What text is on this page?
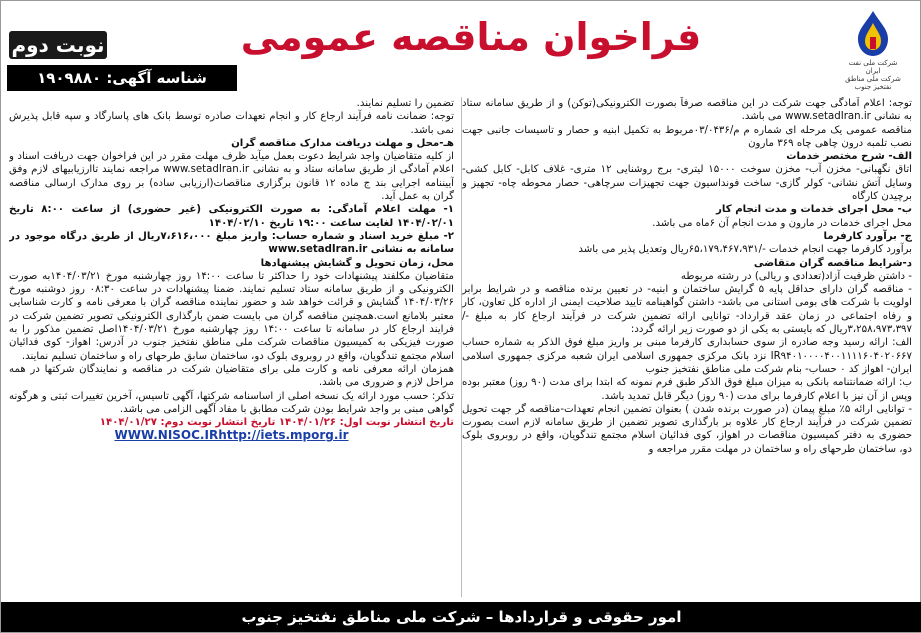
شرکت ملی نفت ایران
شرکت ملی مناطق نفتخیز جنوب
فراخوان مناقصه عمومی
نوبت دوم
شناسه آگهی: ۱۹۰۹۸۸۰

توجه: اعلام آمادگی جهت شرکت در این مناقصه صرفاً بصورت الکترونیکی(توکن) و از طریق سامانه ستاد به نشانی www.setadIran.ir می باشد.

مناقصه عمومی یک مرحله ای شماره م م/۰۳/۰۴۳۶مربوط به تکمیل ابنیه و حصار و تاسیسات جانبی جهت نصب تلمبه درون چاهی چاه ۳۶۹ مارون

الف- شرح مختصر خدمات

اتاق نگهبانی- مخزن آب- مخزن سوخت ۱۵۰۰۰ لیتری- برج روشنایی ۱۲ متری- غلاف کابل- کابل کشی- وسایل آتش نشانی- کولر گازی- ساخت فونداسیون جهت تجهیزات سرچاهی- حصار محوطه چاه- تجهیز و برچیدن کارگاه

ب- محل اجرای خدمات و مدت انجام کار

محل اجرای خدمات در مارون و مدت انجام آن ۶ماه می باشد.

ج- برآورد کارفرما

برآورد کارفرما جهت انجام خدمات -/۶۵،۱۷۹،۴۶۷،۹۳۱ریال وتعدیل پذیر می باشد

د-شرایط مناقصه گران متقاضی

- داشتن ظرفیت آزاد(تعدادی و ریالی) در رشته مربوطه

- مناقصه گران دارای حداقل پایه ۵ گرایش ساختمان و ابنیه- در تعیین برنده مناقصه و در شرایط برابر اولویت با شرکت های بومی استانی می باشد- داشتن گواهینامه تایید صلاحیت ایمنی از اداره کل تعاون، کار و رفاه اجتماعی در زمان عقد قرارداد- توانایی ارائه تضمین شرکت در فرآیند ارجاع کار به مبلغ -/۳،۲۵۸،۹۷۳،۳۹۷ریال که بایستی به یکی از دو صورت زیر ارائه گردد:

الف: ارائه رسید وجه صادره از سوی حسابداری کارفرما مبنی بر واریز مبلغ فوق الذکر به شماره حساب IR۹۴۰۱۰۰۰۰۴۰۰۱۱۱۱۶۰۴۰۲۰۶۶۷ نزد بانک مرکزی جمهوری اسلامی ایران شعبه مرکزی جمهوری اسلامی ایران- اهواز کد ۰ حساب- بنام شرکت ملی مناطق نفتخیز جنوب

ب: ارائه ضمانتنامه بانکی به میزان مبلغ فوق الذکر طبق فرم نمونه که ابتدا برای مدت (۹۰ روز) معتبر بوده وپس از آن نیز با اعلام کارفرما برای مدت (۹۰ روز) دیگر قابل تمدید باشد.

- توانایی ارائه ۵٪ مبلغ پیمان (در صورت برنده شدن ) بعنوان تضمین انجام تعهدات-مناقصه گر جهت تحویل تضمین شرکت در فرآیند ارجاع کار علاوه بر بارگذاری تصویر تضمین از طریق سامانه لازم است بصورت حضوری به دفتر کمیسیون مناقصات در اهواز، کوی فدائیان اسلام مجتمع تندگویان، واقع در روبروی بلوک دو، ساختمان طرحهای راه و ساختمان در مهلت مقرر مراجعه و

تضمین را تسلیم نمایند.

توجه: ضمانت نامه فرآیند ارجاع کار و انجام تعهدات صادره توسط بانک های پاسارگاد و سپه قابل پذیرش نمی باشد.

هـ-محل و مهلت دریافت مدارک مناقصه گران

از کلیه متقاضیان واجد شرایط دعوت بعمل میآید ظرف مهلت مقرر در این فراخوان جهت دریافت اسناد و اعلام آمادگی از طریق سامانه ستاد و به نشانی www.setadIran.ir مراجعه نمایند تاارزیابیهای لازم وفق آییننامه اجرایی بند ج ماده ۱۲ قانون برگزاری مناقصات(ارزیابی ساده) بر روی مدارک ارسالی مناقصه گران به عمل آید.

۱- مهلت اعلام آمادگی: به صورت الکترونیکی (غیر حضوری) از ساعت ۸:۰۰ تاریخ ۱۴۰۴/۰۲/۰۱ لغایت ساعت ۱۹:۰۰ تاریخ ۱۴۰۴/۰۲/۱۰

۲- مبلغ خرید اسناد و شماره حساب: واریز مبلغ ۷،۶۱۶،۰۰۰ریال از طریق درگاه موجود در سامانه به نشانی www.setadIran.ir

محل، زمان تحویل و گشایش پیشنهادها

متقاضیان مکلفند پیشنهادات خود را حداکثر تا ساعت ۱۴:۰۰ روز چهارشنبه مورخ ۱۴۰۴/۰۳/۲۱به صورت الکترونیکی و از طریق سامانه ستاد تسلیم نمایند. ضمنا پیشنهادات در ساعت ۰۸:۳۰ روز دوشنبه مورخ ۱۴۰۴/۰۳/۲۶ گشایش و قرائت خواهد شد و حضور نماینده مناقصه گران با معرفی نامه و کارت شناسایی معتبر بلامانع است.همچنین مناقصه گران می بایست ضمن بارگذاری الکترونیکی تصویر تضمین شرکت در فرایند ارجاع کار در سامانه تا ساعت ۱۴:۰۰ روز چهارشنبه مورخ ۱۴۰۴/۰۳/۲۱اصل تضمین مذکور را به صورت فیزیکی به کمیسیون مناقصات شرکت ملی مناطق نفتخیز جنوب در آدرس: اهواز- کوی فدائیان اسلام مجتمع تندگویان، واقع در روبروی بلوک دو، ساختمان سابق طرحهای راه و ساختمان تسلیم نمایند.

همزمان ارائه معرفی نامه و کارت ملی برای متقاضیان شرکت در مناقصه و نمایندگان شرکتها در همه مراحل لازم و ضروری می باشد.

تذکر: حسب مورد ارائه یک نسخه اصلی از اساسنامه شرکتها، آگهی تاسیس، آخرین تغییرات ثبتی و هرگونه گواهی مبنی بر واجد شرایط بودن شرکت مطابق با مفاد آگهی الزامی می باشد.

تاریخ انتشار نوبت اول: ۱۴۰۴/۰۱/۲۶ تاریخ انتشار نوبت دوم: ۱۴۰۴/۰۱/۲۷

WWW.NISOC.IRhttp://iets.mporg.ir

امور حقوقی و قراردادها – شرکت ملی مناطق نفتخیز جنوب
